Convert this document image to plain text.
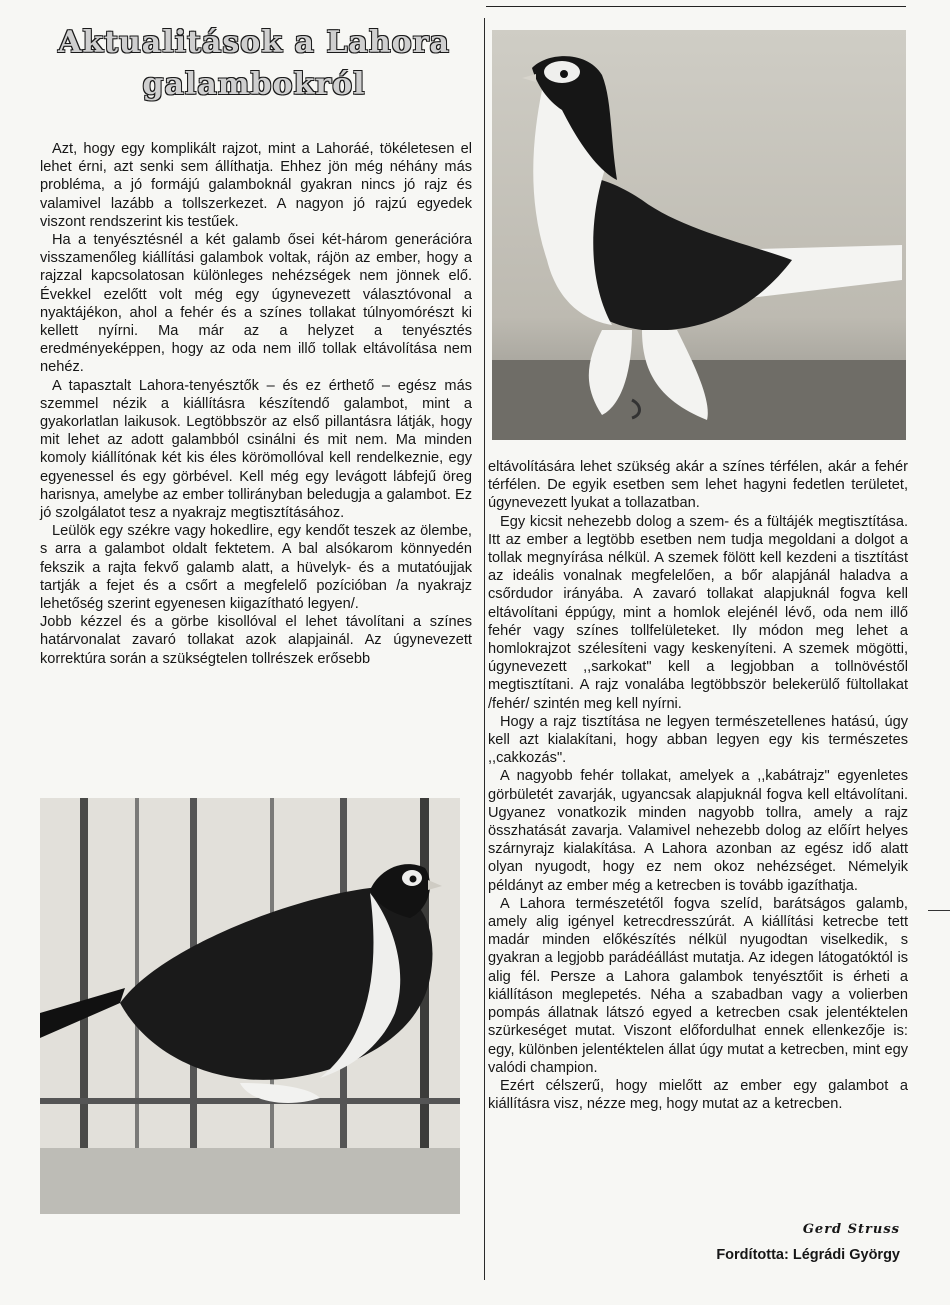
Aktualitások a Lahora
galambokról

Azt, hogy egy komplikált rajzot, mint a Lahoráé, tökéletesen el lehet érni, azt senki sem állíthatja. Ehhez jön még néhány más probléma, a jó formájú galamboknál gyakran nincs jó rajz és valamivel lazább a tollszerkezet. A nagyon jó rajzú egyedek viszont rendszerint kis testűek.

Ha a tenyésztésnél a két galamb ősei két-három generációra visszamenőleg kiállítási galambok voltak, rájön az ember, hogy a rajzzal kapcsolatosan különleges nehézségek nem jönnek elő. Évekkel ezelőtt volt még egy úgynevezett választóvonal a nyaktájékon, ahol a fehér és a színes tollakat túlnyomórészt ki kellett nyírni. Ma már az a helyzet a tenyésztés eredményeképpen, hogy az oda nem illő tollak eltávolítása nem nehéz.

A tapasztalt Lahora-tenyésztők – és ez érthető – egész más szemmel nézik a kiállításra készítendő galambot, mint a gyakorlatlan laikusok. Legtöbbször az első pillantásra látják, hogy mit lehet az adott galambból csinálni és mit nem. Ma minden komoly kiállítónak két kis éles körömollóval kell rendelkeznie, egy egyenessel és egy görbével. Kell még egy levágott lábfejű öreg harisnya, amelybe az ember tollirányban beledugja a galambot. Ez jó szolgálatot tesz a nyakrajz megtisztításához.

Leülök egy székre vagy hokedlire, egy kendőt teszek az ölembe, s arra a galambot oldalt fektetem. A bal alsókarom könnyedén fekszik a rajta fekvő galamb alatt, a hüvelyk- és a mutatóujjak tartják a fejet és a csőrt a megfelelő pozícióban /a nyakrajz lehetőség szerint egyenesen kiigazítható legyen/.

Jobb kézzel és a görbe kisollóval el lehet távolítani a színes határvonalat zavaró tollakat azok alapjainál. Az úgynevezett korrektúra során a szükségtelen tollrészek erősebb

eltávolítására lehet szükség akár a színes térfélen, akár a fehér térfélen. De egyik esetben sem lehet hagyni fedetlen területet, úgynevezett lyukat a tollazatban.

Egy kicsit nehezebb dolog a szem- és a fültájék megtisztítása. Itt az ember a legtöbb esetben nem tudja megoldani a dolgot a tollak megnyírása nélkül. A szemek fölött kell kezdeni a tisztítást az ideális vonalnak megfelelően, a bőr alapjánál haladva a csőrdudor irányába. A zavaró tollakat alapjuknál fogva kell eltávolítani éppúgy, mint a homlok elejénél lévő, oda nem illő fehér vagy színes tollfelületeket. Ily módon meg lehet a homlokrajzot szélesíteni vagy keskenyíteni. A szemek mögötti, úgynevezett ,,sarkokat" kell a legjobban a tollnövéstől megtisztítani. A rajz vonalába legtöbbször belekerülő fültollakat /fehér/ szintén meg kell nyírni.

Hogy a rajz tisztítása ne legyen természetellenes hatású, úgy kell azt kialakítani, hogy abban legyen egy kis természetes ,,cakkozás".

A nagyobb fehér tollakat, amelyek a ,,kabátrajz" egyenletes görbületét zavarják, ugyancsak alapjuknál fogva kell eltávolítani. Ugyanez vonatkozik minden nagyobb tollra, amely a rajz összhatását zavarja. Valamivel nehezebb dolog az előírt helyes szárnyrajz kialakítása. A Lahora azonban az egész idő alatt olyan nyugodt, hogy ez nem okoz nehézséget. Némelyik példányt az ember még a ketrecben is tovább igazíthatja.

A Lahora természetétől fogva szelíd, barátságos galamb, amely alig igényel ketrecdresszúrát. A kiállítási ketrecbe tett madár minden előkészítés nélkül nyugodtan viselkedik, s gyakran a legjobb parádéállást mutatja. Az idegen látogatóktól is alig fél. Persze a Lahora galambok tenyésztőit is érheti a kiállításon meglepetés. Néha a szabadban vagy a volierben pompás állatnak látszó egyed a ketrecben csak jelentéktelen szürkeséget mutat. Viszont előfordulhat ennek ellenkezője is: egy, különben jelentéktelen állat úgy mutat a ketrecben, mint egy valódi champion.

Ezért célszerű, hogy mielőtt az ember egy galambot a kiállításra visz, nézze meg, hogy mutat az a ketrecben.

Gerd Struss
Fordította: Légrádi György
